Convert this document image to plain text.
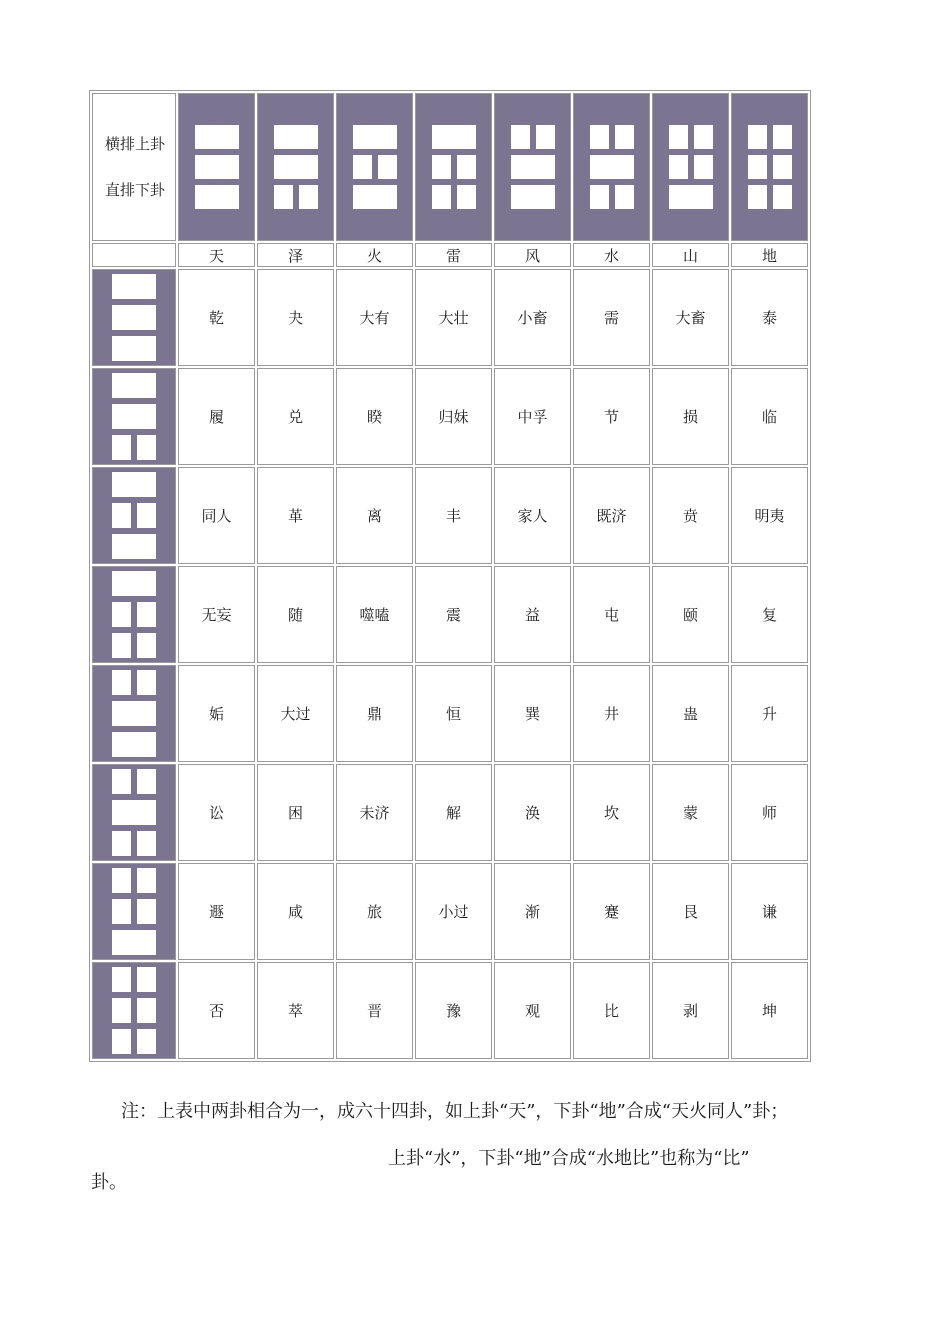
横排上卦
直排下卦								

	天	泽	火	雷	风	水	山	地

	乾	夬	大有	大壮	小畜	需	大畜	泰

	履	兑	睽	归妹	中孚	节	损	临

	同人	革	离	丰	家人	既济	贲	明夷

	无妄	随	噬嗑	震	益	屯	颐	复

	姤	大过	鼎	恒	巽	井	蛊	升

	讼	困	未济	解	涣	坎	蒙	师

	遯	咸	旅	小过	渐	蹇	艮	谦

	否	萃	晋	豫	观	比	剥	坤
注：上表中两卦相合为一，成六十四卦，如上卦“天”，下卦“地”合成“天火同人”卦；
上卦“水”，下卦“地”合成“水地比”也称为“比”
卦。
